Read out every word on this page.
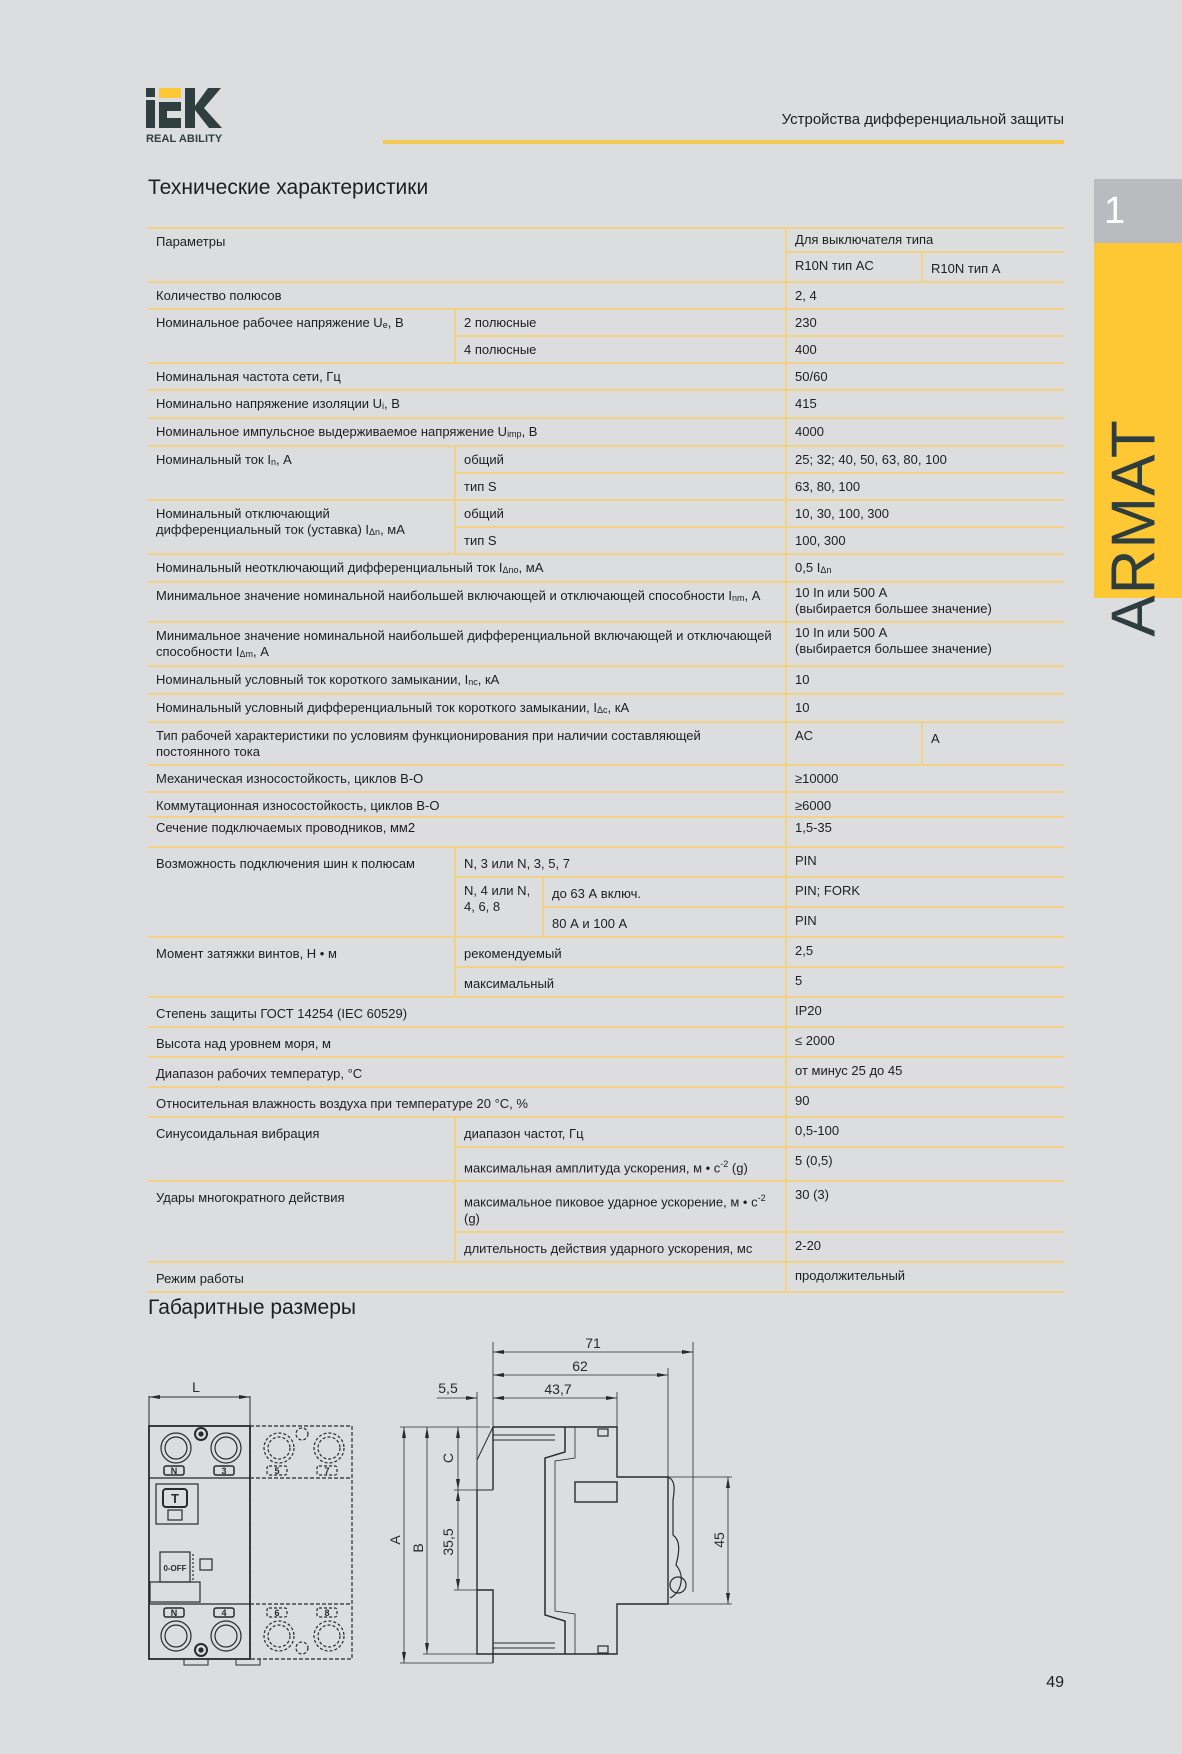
REAL ABILITY
Устройства дифференциальной защиты
1
ARMAT
Технические характеристики
Параметры			Для выключателя типа	
			R10N тип AC	R10N тип A
Количество полюсов			2, 4	
Номинальное рабочее напряжение $U_e$, В	2 полюсные		230	
	4 полюсные		400	
Номинальная частота сети, Гц			50/60	
Номинально напряжение изоляции $U_i$, В			415	
Номинальное импульсное выдерживаемое напряжение $U_{imp}$, В			4000	
Номинальный ток $I_n$, А	общий		25; 32; 40, 50, 63, 80, 100	
	тип S		63, 80, 100	
Номинальный отключающий дифференциальный ток (уставка) $I_{\Delta n}$, мА	общий		10, 30, 100, 300	
	тип S		100, 300	
Номинальный неотключающий дифференциальный ток $I_{\Delta no}$, мА			0,5 $I_{\Delta n}$
Минимальное значение номинальной наибольшей включающей и отключающей способности $I_{nm}$, А			10 In или 500 А
(выбирается большее значение)	

Минимальное значение номинальной наибольшей дифференциальной включающей и отключающей способности $I_{\Delta m}$, А			10 In или 500 А
(выбирается большее значение)	

Номинальный условный ток короткого замыкании, $I_{nc}$, кА			10	
Номинальный условный дифференциальный ток короткого замыкании, $I_{\Delta c}$, кА			10	
Тип рабочей характеристики по условиям функционирования при наличии составляющей постоянного тока			AC	A
Механическая износостойкость, циклов В-О			≥10000	
Коммутационная износостойкость, циклов В-О			≥6000	
Сечение подключаемых проводников, мм2			1,5-35	
Возможность подключения шин к полюсам	N, 3 или N, 3, 5, 7		PIN	
	N, 4 или N, 4, 6, 8	до 63 А включ.	PIN; FORK	
		80 А и 100 А	PIN	
Момент затяжки винтов, Н • м	рекомендуемый		2,5	
	максимальный		5	
Степень защиты ГОСТ 14254 (IEC 60529)			IP20	
Высота над уровнем моря, м			≤ 2000	
Диапазон рабочих температур, °С			от минус 25 до 45	
Относительная влажность воздуха при температуре 20 °С, %			90	
Синусоидальная вибрация	диапазон частот, Гц		0,5-100	
	максимальная амплитуда ускорения, м • $с^{-2}$ (g)		5 (0,5)	
Удары многократного действия	максимальное пиковое ударное ускорение, м • $с^{-2}$ (g)		30 (3)	
	длительность действия ударного ускорения, мс		2-20	
Режим работы			продолжительный	
Габаритные размеры
L
N	3	5	7
T
0-OFF
N	4	6	8
71
62
43,7
5,5
A
B
C
35,5	45
49
